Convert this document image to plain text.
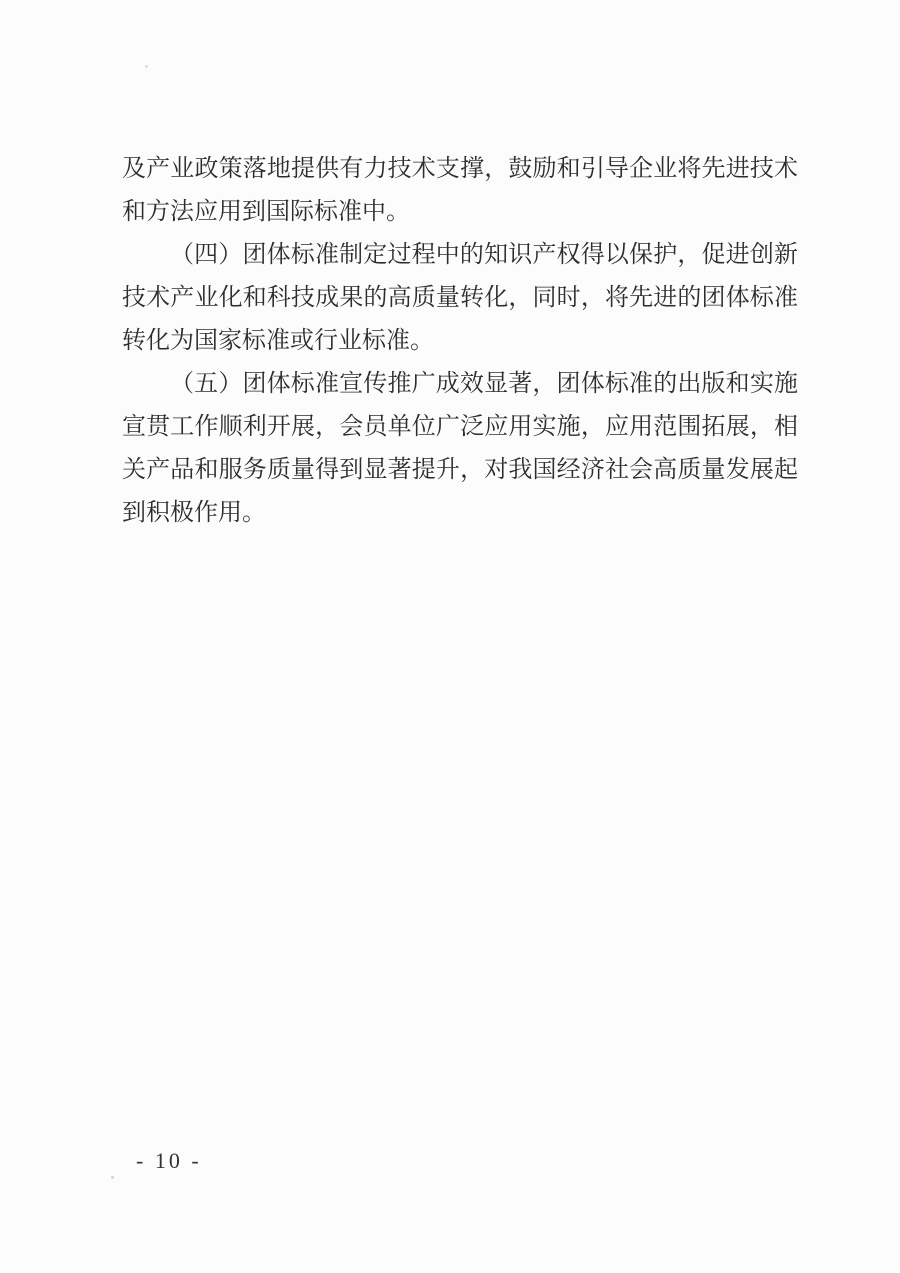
及产业政策落地提供有力技术支撑，鼓励和引导企业将先进技术

和方法应用到国际标准中。

（四）团体标准制定过程中的知识产权得以保护，促进创新

技术产业化和科技成果的高质量转化，同时，将先进的团体标准

转化为国家标准或行业标准。

（五）团体标准宣传推广成效显著，团体标准的出版和实施

宣贯工作顺利开展，会员单位广泛应用实施，应用范围拓展，相

关产品和服务质量得到显著提升，对我国经济社会高质量发展起

到积极作用。

- 10 -
